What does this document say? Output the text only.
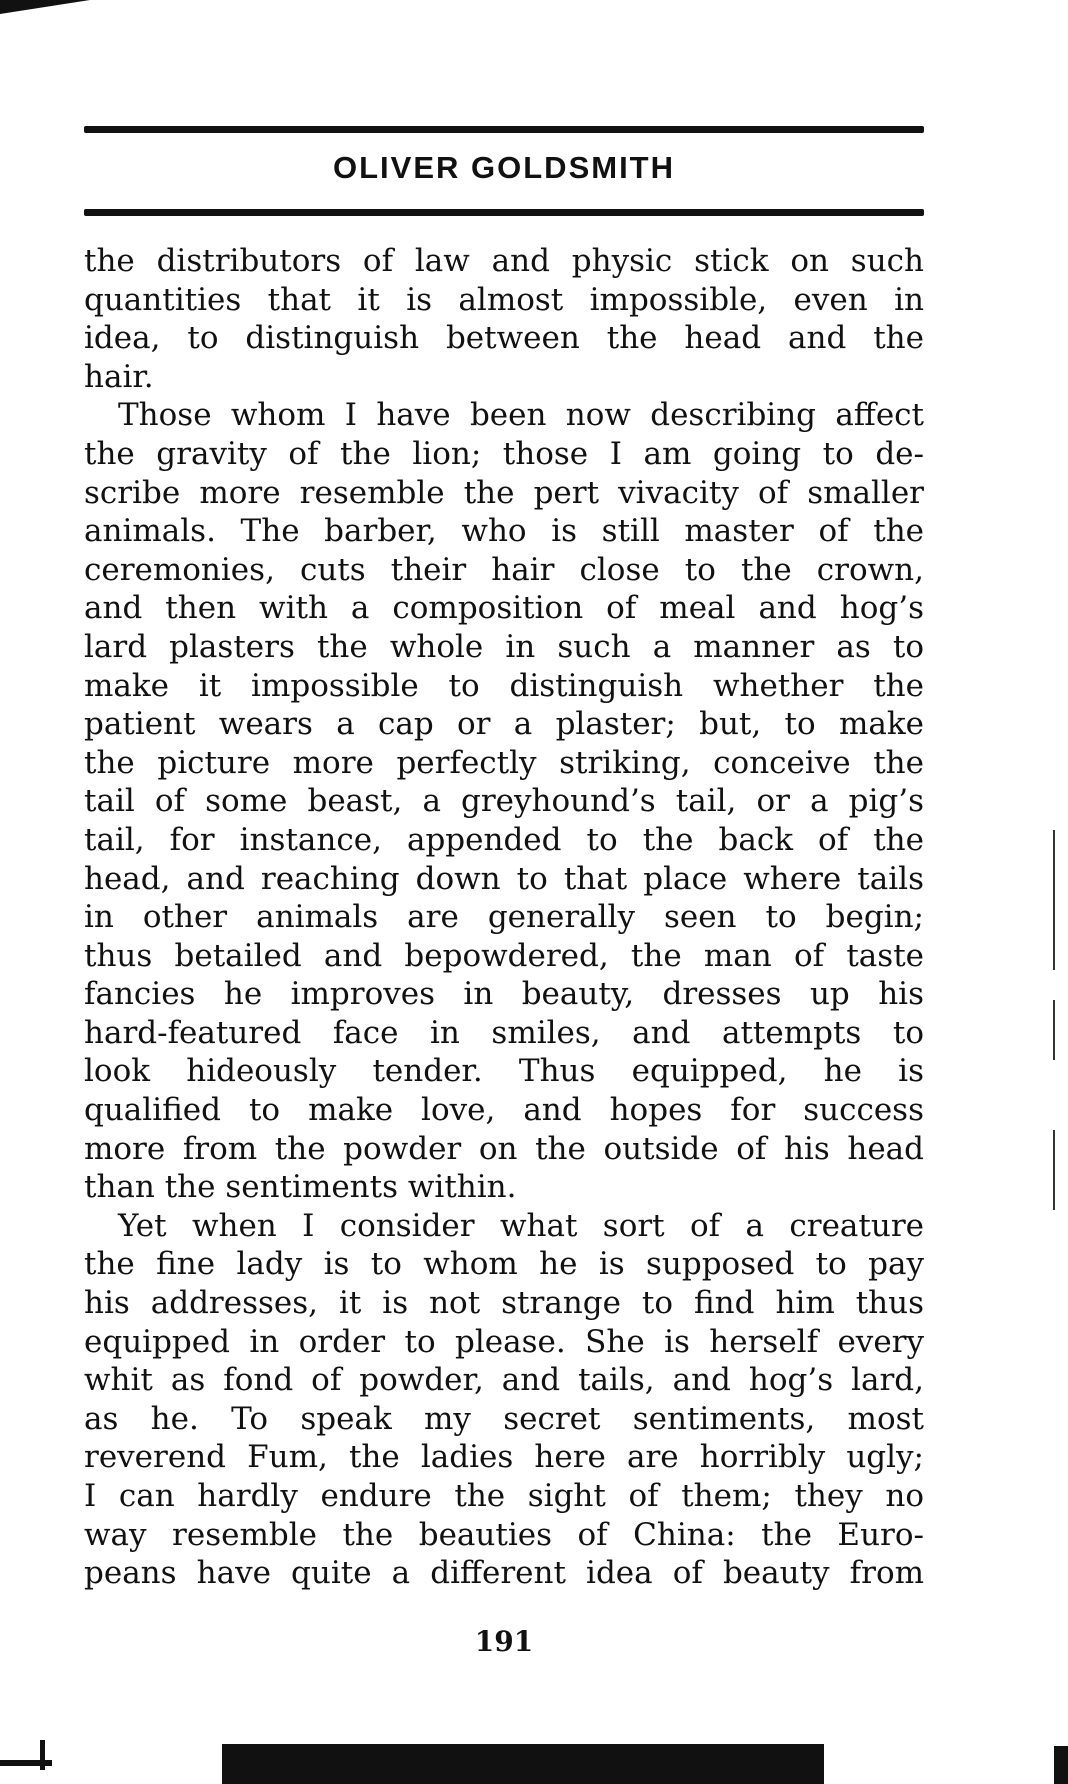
OLIVER GOLDSMITH
the distributors of law and physic stick on such
quantities that it is almost impossible, even in
idea, to distinguish between the head and the
hair.
Those whom I have been now describing affect
the gravity of the lion; those I am going to de-
scribe more resemble the pert vivacity of smaller
animals. The barber, who is still master of the
ceremonies, cuts their hair close to the crown,
and then with a composition of meal and hog’s
lard plasters the whole in such a manner as to
make it impossible to distinguish whether the
patient wears a cap or a plaster; but, to make
the picture more perfectly striking, conceive the
tail of some beast, a greyhound’s tail, or a pig’s
tail, for instance, appended to the back of the
head, and reaching down to that place where tails
in other animals are generally seen to begin;
thus betailed and bepowdered, the man of taste
fancies he improves in beauty, dresses up his
hard-featured face in smiles, and attempts to
look hideously tender. Thus equipped, he is
qualified to make love, and hopes for success
more from the powder on the outside of his head
than the sentiments within.
Yet when I consider what sort of a creature
the fine lady is to whom he is supposed to pay
his addresses, it is not strange to find him thus
equipped in order to please. She is herself every
whit as fond of powder, and tails, and hog’s lard,
as he. To speak my secret sentiments, most
reverend Fum, the ladies here are horribly ugly;
I can hardly endure the sight of them; they no
way resemble the beauties of China: the Euro-
peans have quite a different idea of beauty from
191
